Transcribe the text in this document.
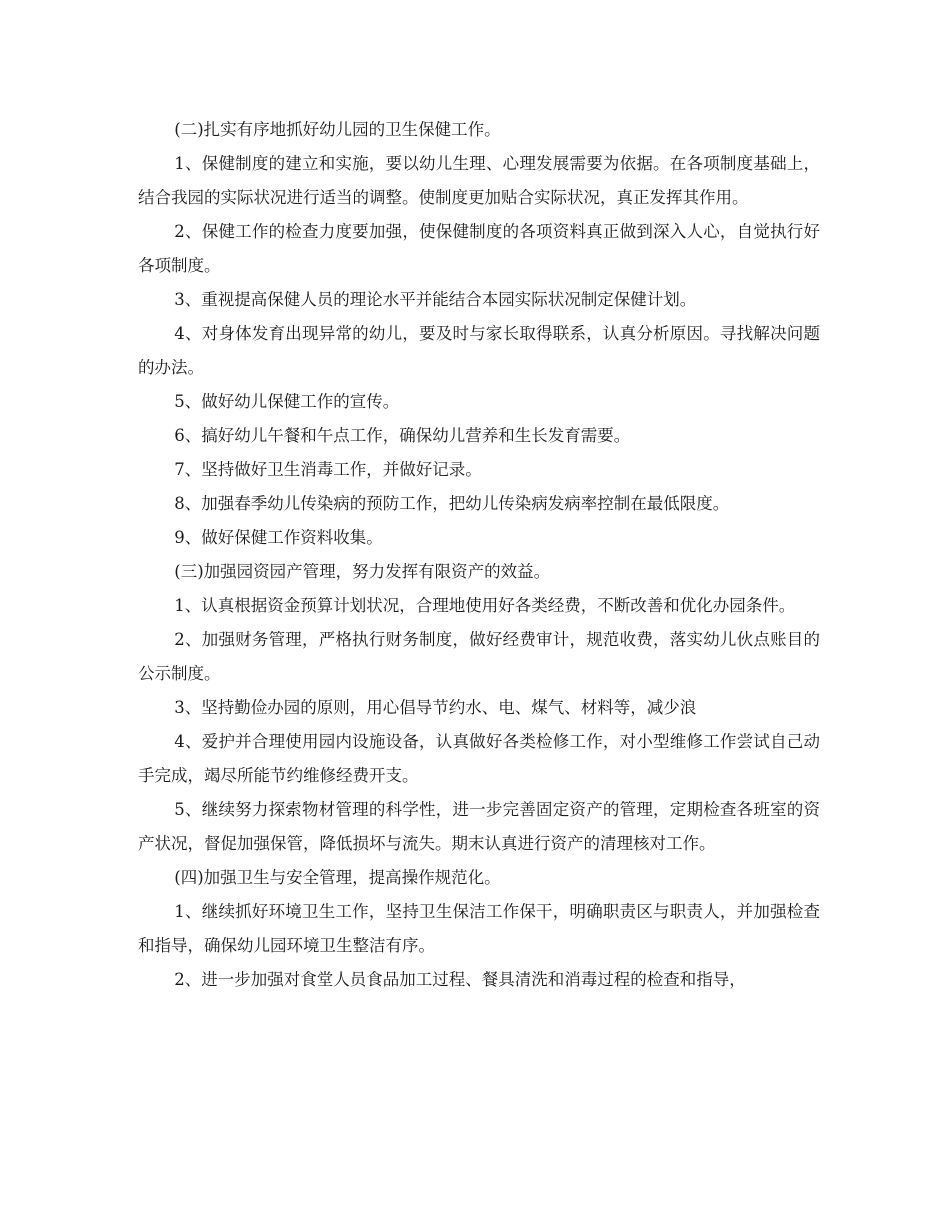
(二)扎实有序地抓好幼儿园的卫生保健工作。

1、保健制度的建立和实施，要以幼儿生理、心理发展需要为依据。在各项制度基础上，结合我园的实际状况进行适当的调整。使制度更加贴合实际状况，真正发挥其作用。

2、保健工作的检查力度要加强，使保健制度的各项资料真正做到深入人心，自觉执行好各项制度。

3、重视提高保健人员的理论水平并能结合本园实际状况制定保健计划。

4、对身体发育出现异常的幼儿，要及时与家长取得联系，认真分析原因。寻找解决问题的办法。

5、做好幼儿保健工作的宣传。

6、搞好幼儿午餐和午点工作，确保幼儿营养和生长发育需要。

7、坚持做好卫生消毒工作，并做好记录。

8、加强春季幼儿传染病的预防工作，把幼儿传染病发病率控制在最低限度。

9、做好保健工作资料收集。

(三)加强园资园产管理，努力发挥有限资产的效益。

1、认真根据资金预算计划状况，合理地使用好各类经费，不断改善和优化办园条件。

2、加强财务管理，严格执行财务制度，做好经费审计，规范收费，落实幼儿伙点账目的公示制度。

3、坚持勤俭办园的原则，用心倡导节约水、电、煤气、材料等，减少浪

4、爱护并合理使用园内设施设备，认真做好各类检修工作，对小型维修工作尝试自己动手完成，竭尽所能节约维修经费开支。

5、继续努力探索物材管理的科学性，进一步完善固定资产的管理，定期检查各班室的资产状况，督促加强保管，降低损坏与流失。期末认真进行资产的清理核对工作。

(四)加强卫生与安全管理，提高操作规范化。

1、继续抓好环境卫生工作，坚持卫生保洁工作保干，明确职责区与职责人，并加强检查和指导，确保幼儿园环境卫生整洁有序。

2、进一步加强对食堂人员食品加工过程、餐具清洗和消毒过程的检查和指导，
